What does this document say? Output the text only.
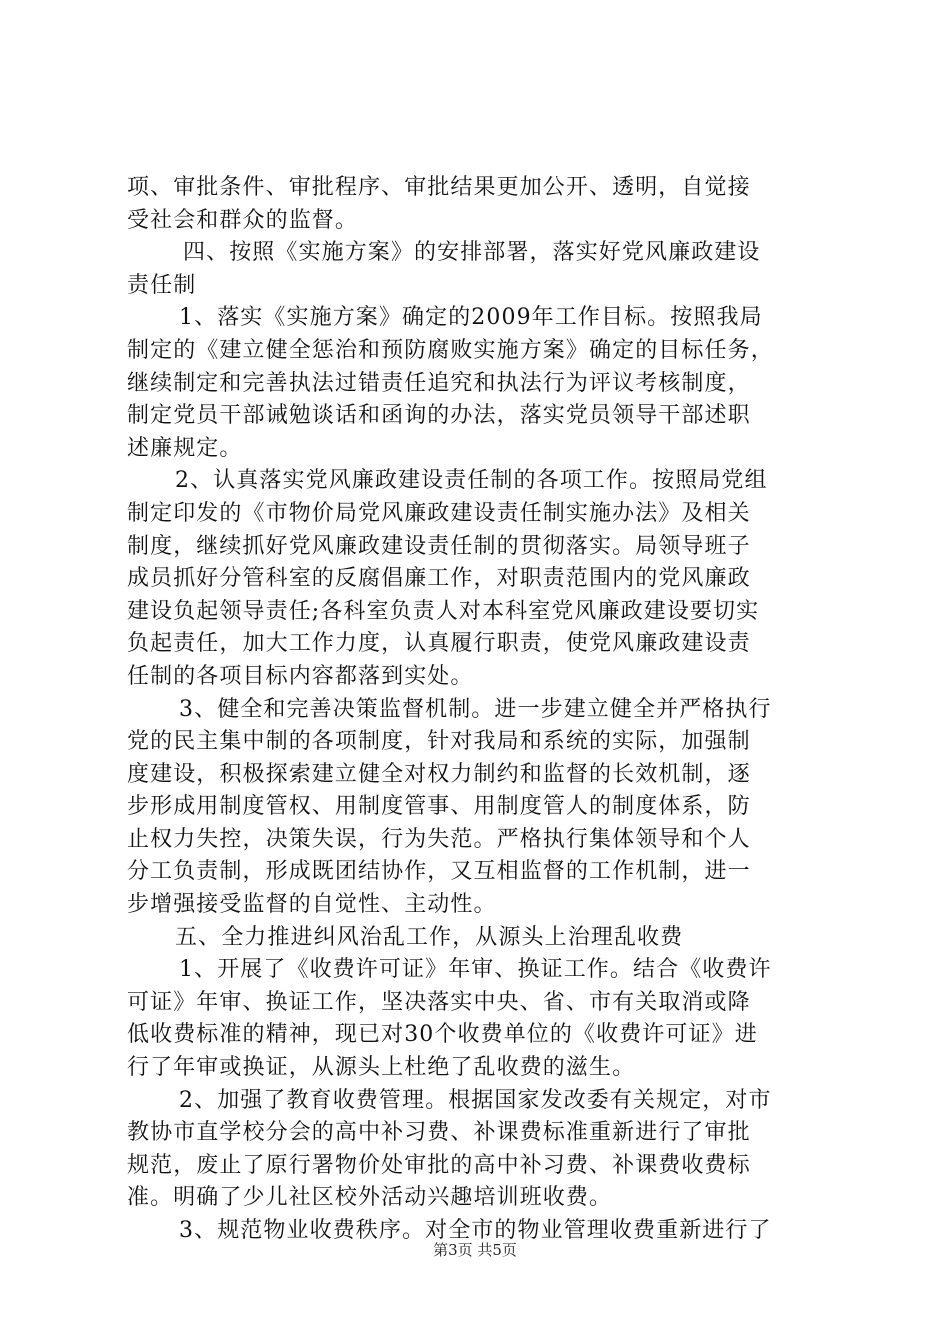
项、审批条件、审批程序、审批结果更加公开、透明，自觉接
受社会和群众的监督。
四、按照《实施方案》的安排部署，落实好党风廉政建设
责任制
1、落实《实施方案》确定的2009年工作目标。按照我局
制定的《建立健全惩治和预防腐败实施方案》确定的目标任务，
继续制定和完善执法过错责任追究和执法行为评议考核制度，
制定党员干部诫勉谈话和函询的办法，落实党员领导干部述职
述廉规定。
2、认真落实党风廉政建设责任制的各项工作。按照局党组
制定印发的《市物价局党风廉政建设责任制实施办法》及相关
制度，继续抓好党风廉政建设责任制的贯彻落实。局领导班子
成员抓好分管科室的反腐倡廉工作，对职责范围内的党风廉政
建设负起领导责任;各科室负责人对本科室党风廉政建设要切实
负起责任，加大工作力度，认真履行职责，使党风廉政建设责
任制的各项目标内容都落到实处。
3、健全和完善决策监督机制。进一步建立健全并严格执行
党的民主集中制的各项制度，针对我局和系统的实际，加强制
度建设，积极探索建立健全对权力制约和监督的长效机制，逐
步形成用制度管权、用制度管事、用制度管人的制度体系，防
止权力失控，决策失误，行为失范。严格执行集体领导和个人
分工负责制，形成既团结协作，又互相监督的工作机制，进一
步增强接受监督的自觉性、主动性。
五、全力推进纠风治乱工作，从源头上治理乱收费
1、开展了《收费许可证》年审、换证工作。结合《收费许
可证》年审、换证工作，坚决落实中央、省、市有关取消或降
低收费标准的精神，现已对30个收费单位的《收费许可证》进
行了年审或换证，从源头上杜绝了乱收费的滋生。
2、加强了教育收费管理。根据国家发改委有关规定，对市
教协市直学校分会的高中补习费、补课费标准重新进行了审批
规范，废止了原行署物价处审批的高中补习费、补课费收费标
准。明确了少儿社区校外活动兴趣培训班收费。
3、规范物业收费秩序。对全市的物业管理收费重新进行了
第3页 共5页
